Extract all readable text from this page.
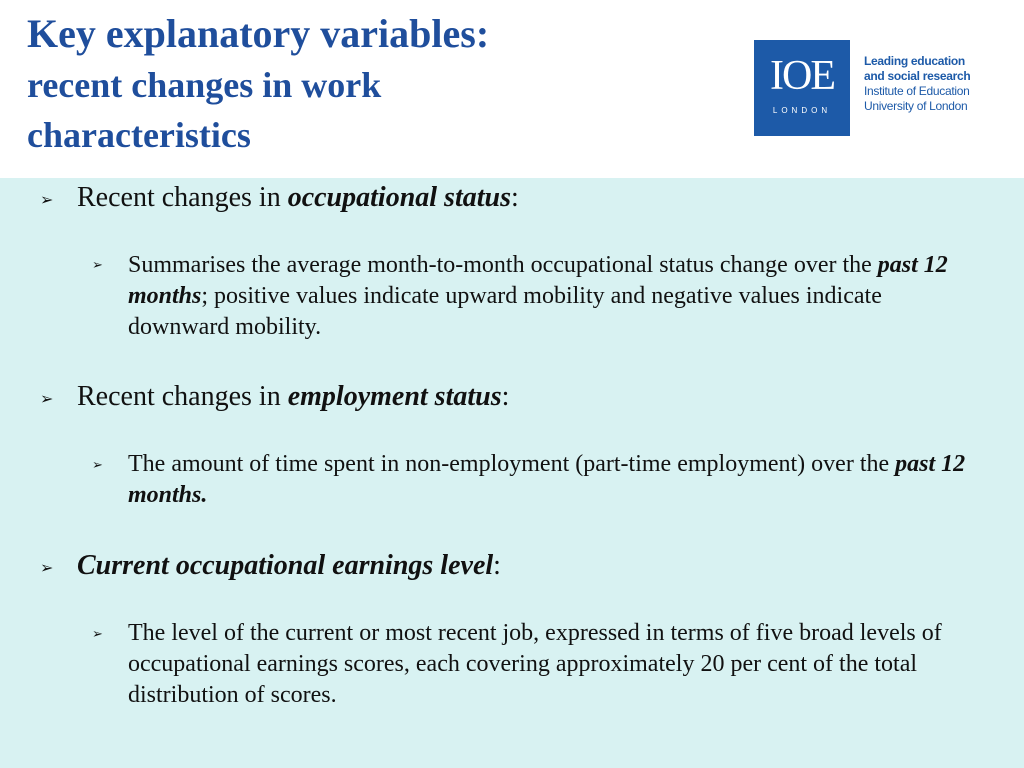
Key explanatory variables:
recent changes in work
characteristics
IOE
LONDON
Leading education
and social research
Institute of Education
University of London
➢ Recent changes in occupational status:
➢ Summarises the average month-to-month occupational status change over the past 12 months; positive values indicate upward mobility and negative values indicate downward mobility.
➢ Recent changes in employment status:
➢ The amount of time spent in non-employment (part-time employment) over the past 12 months.
➢ Current occupational earnings level:
➢ The level of the current or most recent job, expressed in terms of five broad levels of occupational earnings scores, each covering approximately 20 per cent of the total distribution of scores.
